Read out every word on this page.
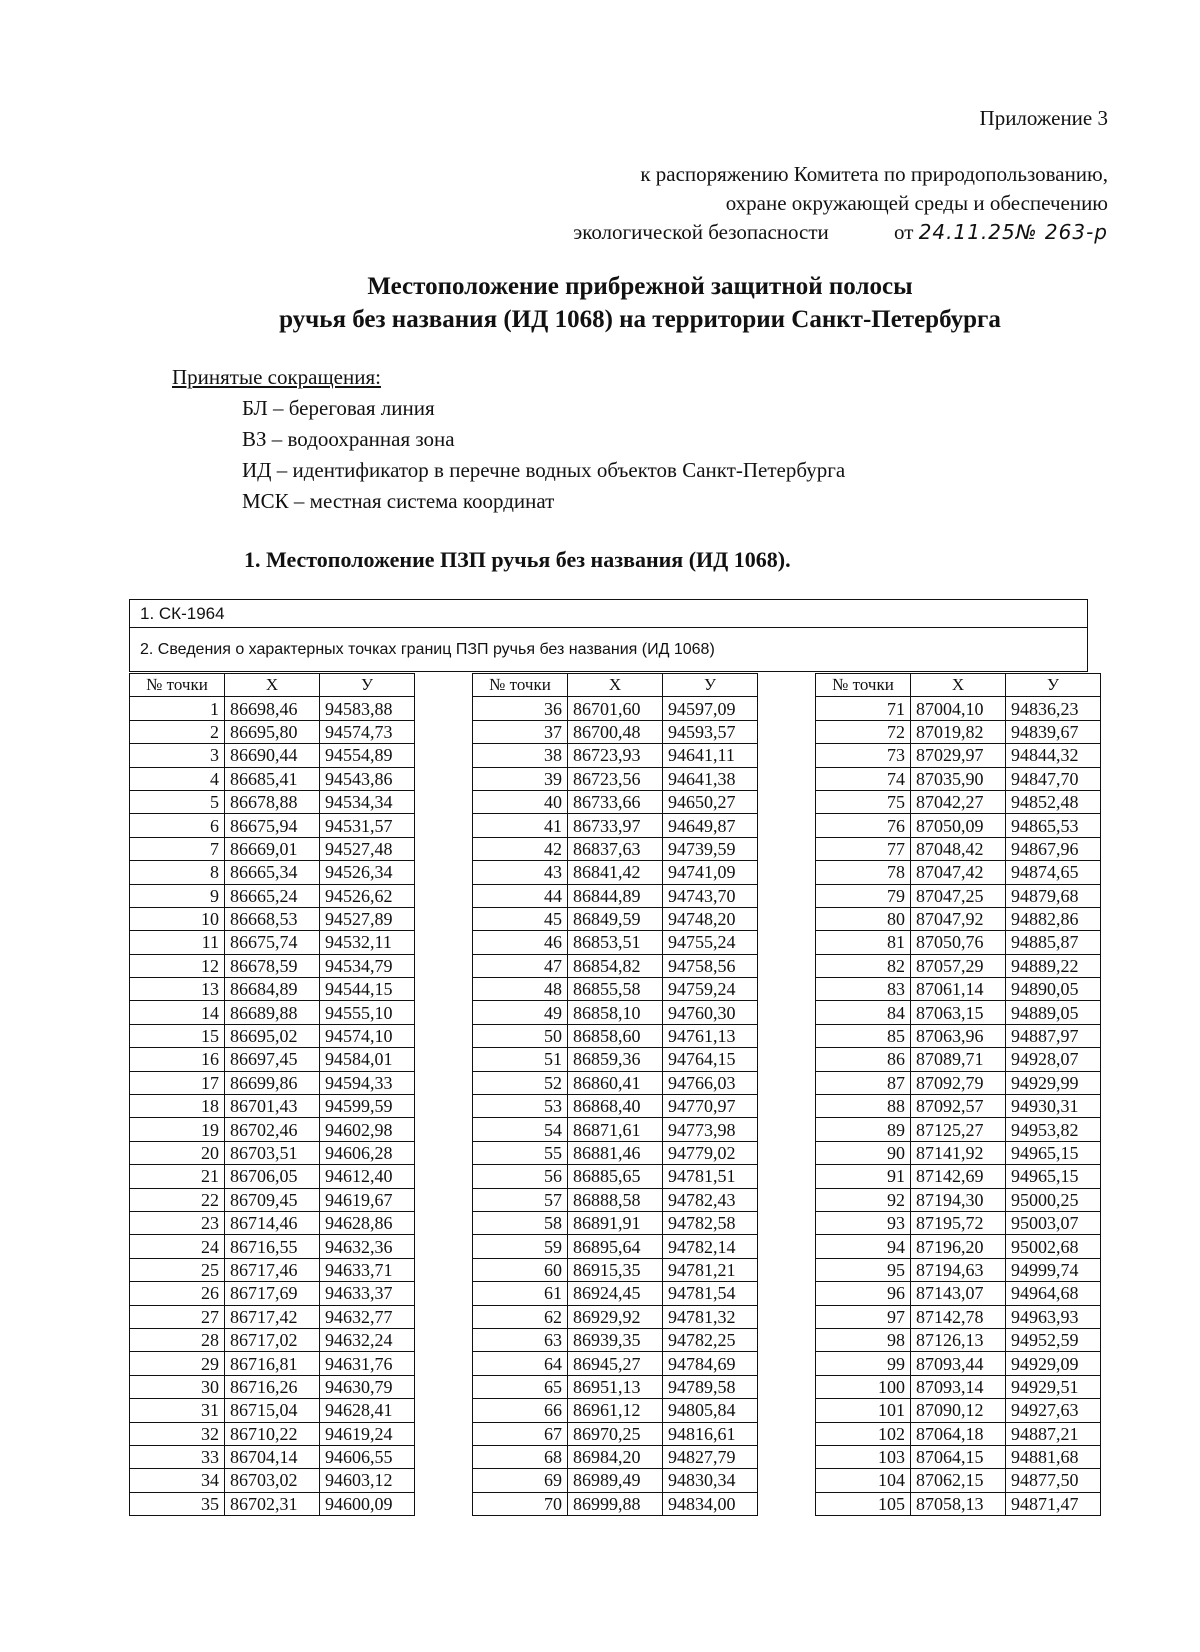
Приложение 3
к распоряжению Комитета по природопользованию,
охране окружающей среды и обеспечению
экологической безопасности	от 24.11.25№ 263-р
Местоположение прибрежной защитной полосы
ручья без названия (ИД 1068) на территории Санкт-Петербурга
Принятые сокращения:
БЛ – береговая линия
ВЗ – водоохранная зона
ИД – идентификатор в перечне водных объектов Санкт-Петербурга
МСК – местная система координат
1. Местоположение ПЗП ручья без названия (ИД 1068).
1. СК-1964
2. Сведения о характерных точках границ ПЗП ручья без названия (ИД 1068)
№ точки	X	У
1	86698,46	94583,88
2	86695,80	94574,73
3	86690,44	94554,89
4	86685,41	94543,86
5	86678,88	94534,34
6	86675,94	94531,57
7	86669,01	94527,48
8	86665,34	94526,34
9	86665,24	94526,62
10	86668,53	94527,89
11	86675,74	94532,11
12	86678,59	94534,79
13	86684,89	94544,15
14	86689,88	94555,10
15	86695,02	94574,10
16	86697,45	94584,01
17	86699,86	94594,33
18	86701,43	94599,59
19	86702,46	94602,98
20	86703,51	94606,28
21	86706,05	94612,40
22	86709,45	94619,67
23	86714,46	94628,86
24	86716,55	94632,36
25	86717,46	94633,71
26	86717,69	94633,37
27	86717,42	94632,77
28	86717,02	94632,24
29	86716,81	94631,76
30	86716,26	94630,79
31	86715,04	94628,41
32	86710,22	94619,24
33	86704,14	94606,55
34	86703,02	94603,12
35	86702,31	94600,09
№ точки	X	У
36	86701,60	94597,09
37	86700,48	94593,57
38	86723,93	94641,11
39	86723,56	94641,38
40	86733,66	94650,27
41	86733,97	94649,87
42	86837,63	94739,59
43	86841,42	94741,09
44	86844,89	94743,70
45	86849,59	94748,20
46	86853,51	94755,24
47	86854,82	94758,56
48	86855,58	94759,24
49	86858,10	94760,30
50	86858,60	94761,13
51	86859,36	94764,15
52	86860,41	94766,03
53	86868,40	94770,97
54	86871,61	94773,98
55	86881,46	94779,02
56	86885,65	94781,51
57	86888,58	94782,43
58	86891,91	94782,58
59	86895,64	94782,14
60	86915,35	94781,21
61	86924,45	94781,54
62	86929,92	94781,32
63	86939,35	94782,25
64	86945,27	94784,69
65	86951,13	94789,58
66	86961,12	94805,84
67	86970,25	94816,61
68	86984,20	94827,79
69	86989,49	94830,34
70	86999,88	94834,00
№ точки	X	У
71	87004,10	94836,23
72	87019,82	94839,67
73	87029,97	94844,32
74	87035,90	94847,70
75	87042,27	94852,48
76	87050,09	94865,53
77	87048,42	94867,96
78	87047,42	94874,65
79	87047,25	94879,68
80	87047,92	94882,86
81	87050,76	94885,87
82	87057,29	94889,22
83	87061,14	94890,05
84	87063,15	94889,05
85	87063,96	94887,97
86	87089,71	94928,07
87	87092,79	94929,99
88	87092,57	94930,31
89	87125,27	94953,82
90	87141,92	94965,15
91	87142,69	94965,15
92	87194,30	95000,25
93	87195,72	95003,07
94	87196,20	95002,68
95	87194,63	94999,74
96	87143,07	94964,68
97	87142,78	94963,93
98	87126,13	94952,59
99	87093,44	94929,09
100	87093,14	94929,51
101	87090,12	94927,63
102	87064,18	94887,21
103	87064,15	94881,68
104	87062,15	94877,50
105	87058,13	94871,47
